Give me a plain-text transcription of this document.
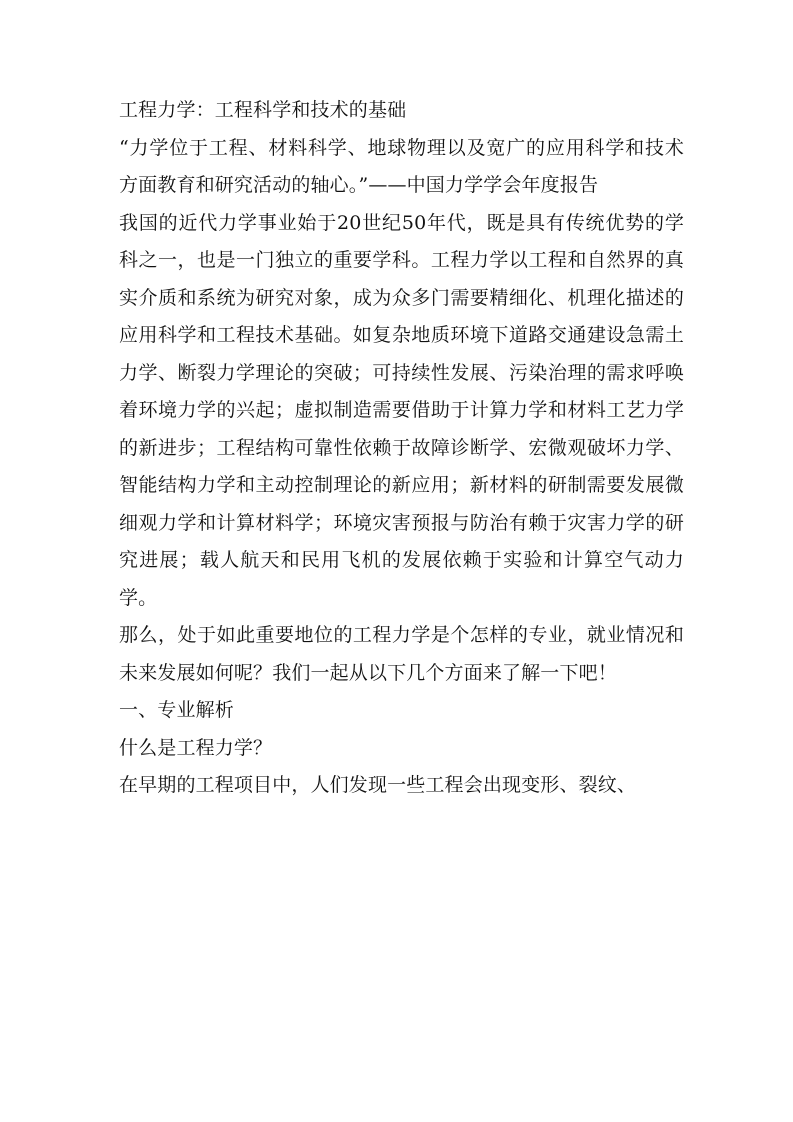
工程力学：工程科学和技术的基础

“力学位于工程、材料科学、地球物理以及宽广的应用科学和技术方面教育和研究活动的轴心。”——中国力学学会年度报告

我国的近代力学事业始于20世纪50年代，既是具有传统优势的学科之一，也是一门独立的重要学科。工程力学以工程和自然界的真实介质和系统为研究对象，成为众多门需要精细化、机理化描述的应用科学和工程技术基础。如复杂地质环境下道路交通建设急需土力学、断裂力学理论的突破；可持续性发展、污染治理的需求呼唤着环境力学的兴起；虚拟制造需要借助于计算力学和材料工艺力学的新进步；工程结构可靠性依赖于故障诊断学、宏微观破坏力学、智能结构力学和主动控制理论的新应用；新材料的研制需要发展微细观力学和计算材料学；环境灾害预报与防治有赖于灾害力学的研究进展；载人航天和民用飞机的发展依赖于实验和计算空气动力学。

那么，处于如此重要地位的工程力学是个怎样的专业，就业情况和未来发展如何呢？我们一起从以下几个方面来了解一下吧！

一、专业解析

什么是工程力学？

在早期的工程项目中，人们发现一些工程会出现变形、裂纹、
